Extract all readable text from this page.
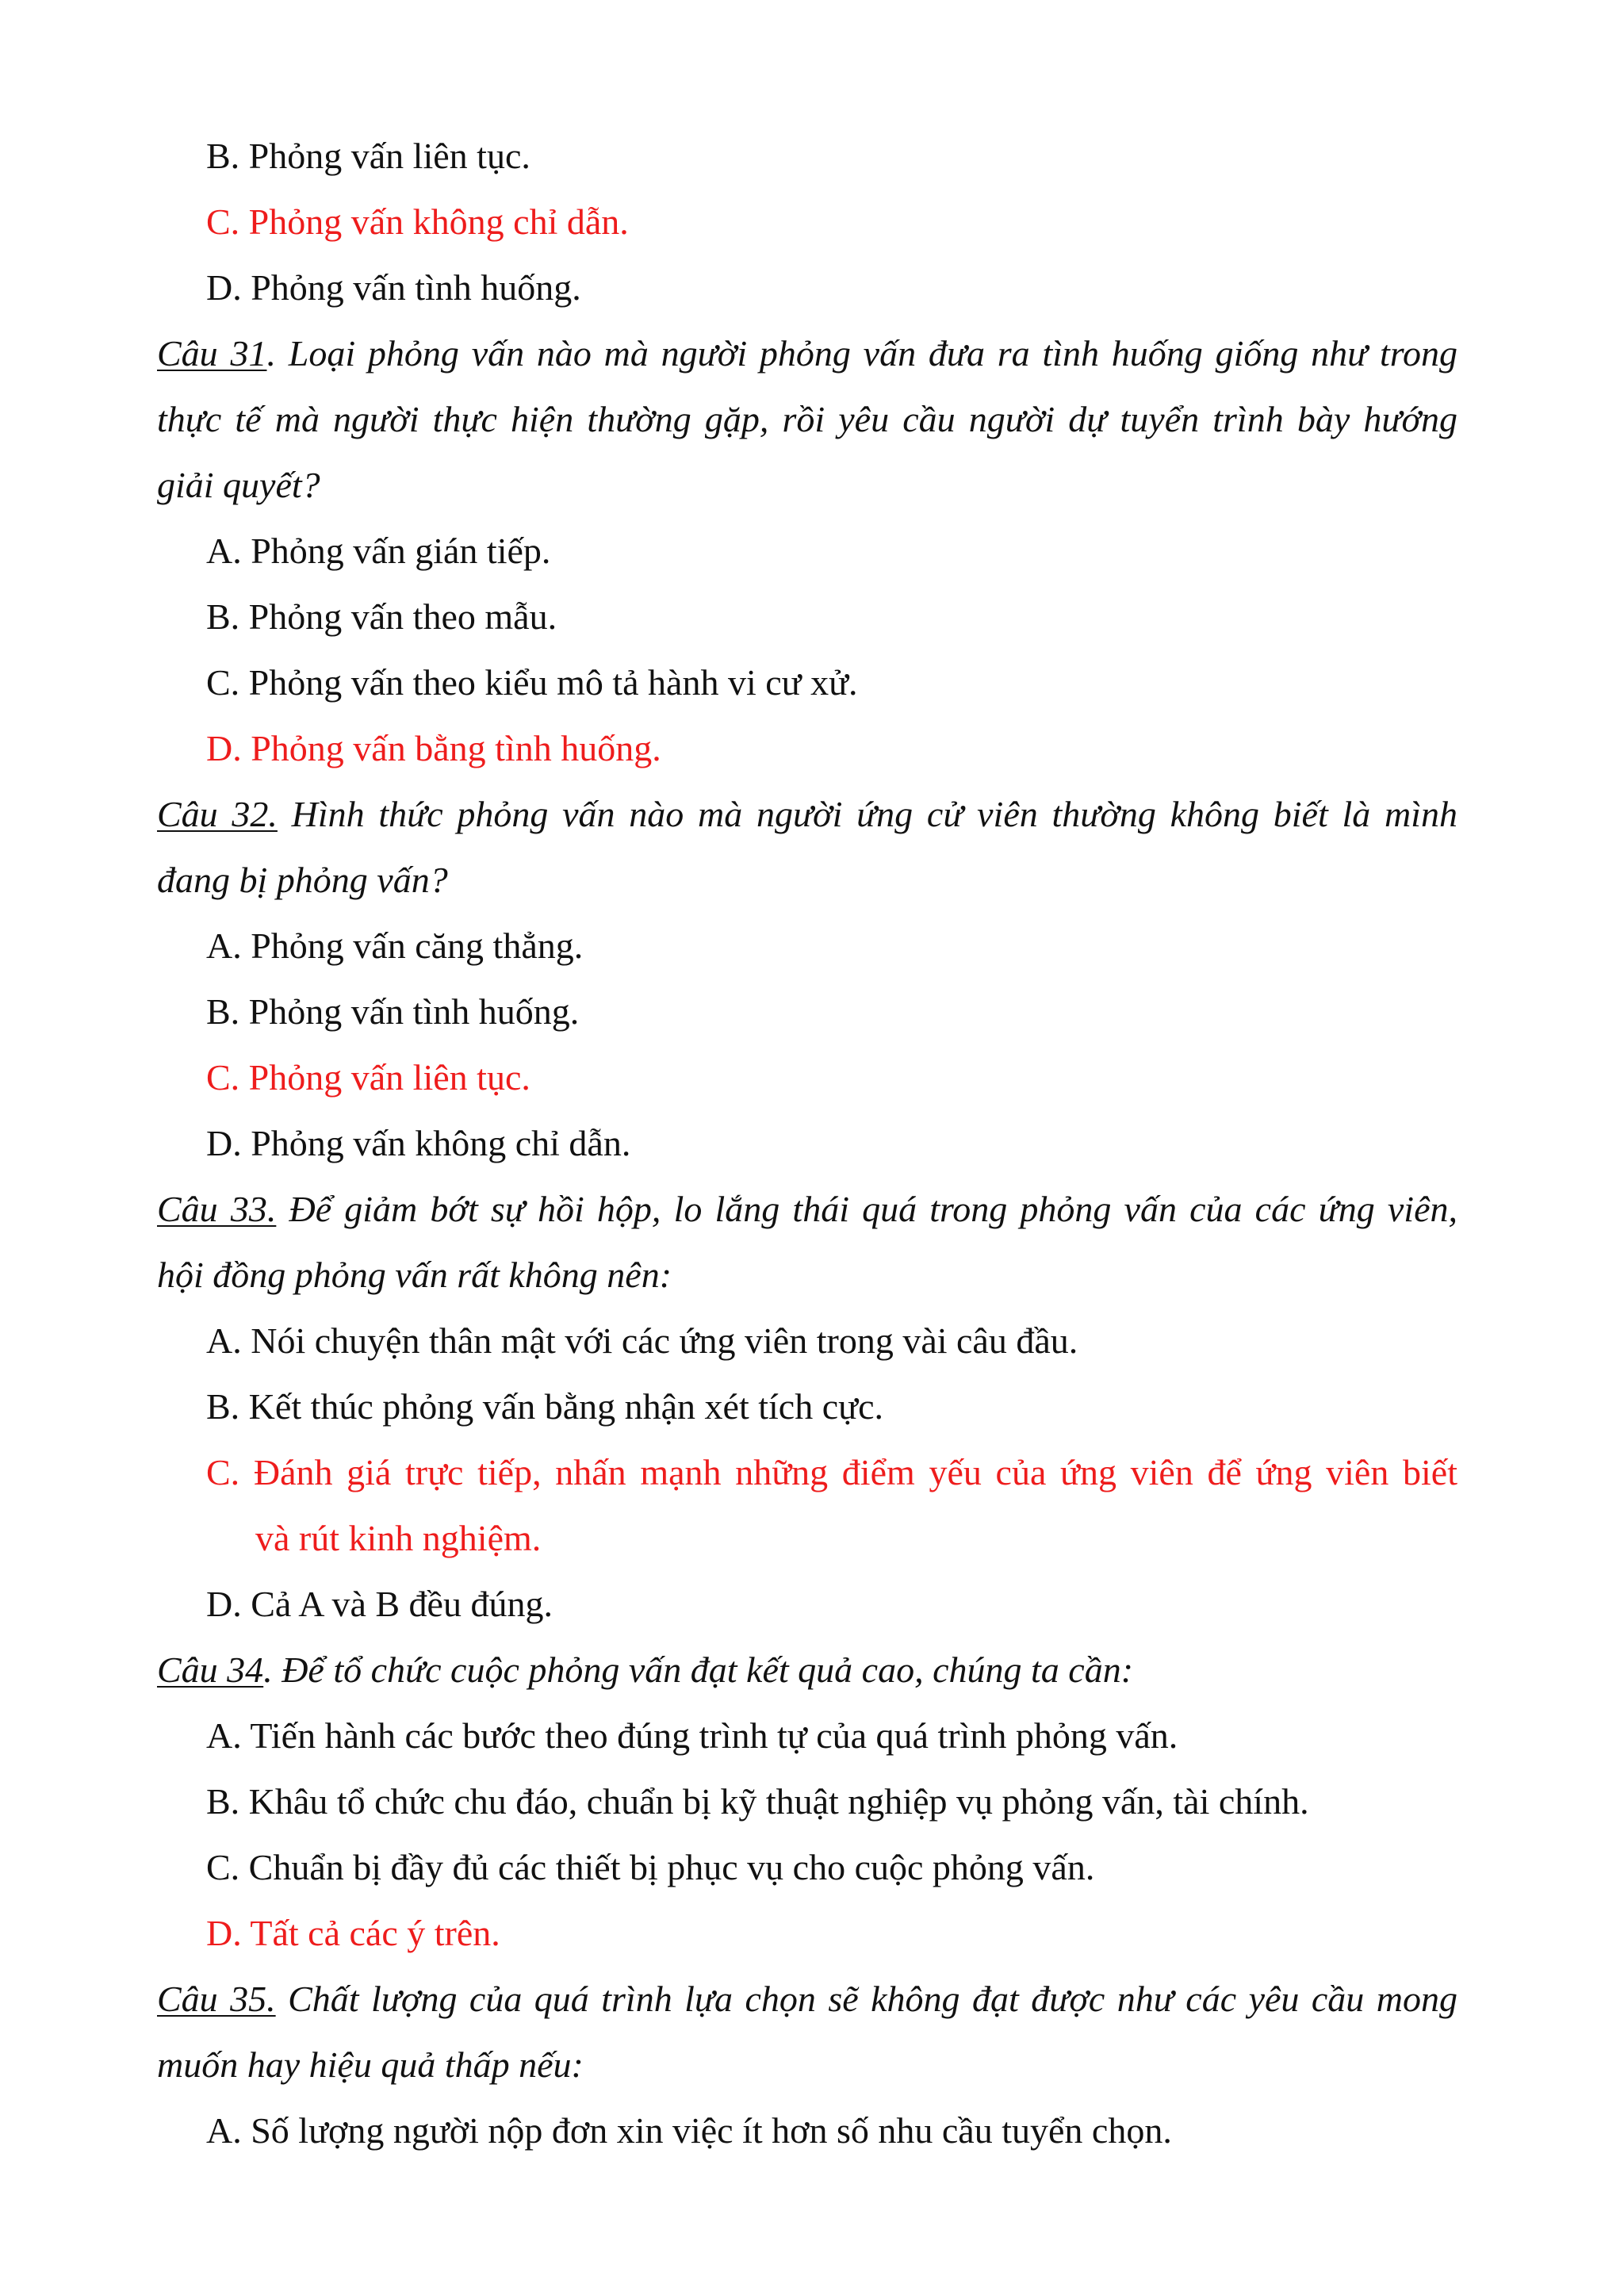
B. Phỏng vấn liên tục.
C. Phỏng vấn không chỉ dẫn.
D. Phỏng vấn tình huống.
Câu 31. Loại phỏng vấn nào mà người phỏng vấn đưa ra tình huống giống như trong
thực tế mà người thực hiện thường gặp, rồi yêu cầu người dự tuyển trình bày hướng
giải quyết?
A. Phỏng vấn gián tiếp.
B. Phỏng vấn theo mẫu.
C. Phỏng vấn theo kiểu mô tả hành vi cư xử.
D. Phỏng vấn bằng tình huống.
Câu 32. Hình thức phỏng vấn nào mà người ứng cử viên thường không biết là mình
đang bị phỏng vấn?
A. Phỏng vấn căng thẳng.
B. Phỏng vấn tình huống.
C. Phỏng vấn liên tục.
D. Phỏng vấn không chỉ dẫn.
Câu 33. Để giảm bớt sự hồi hộp, lo lắng thái quá trong phỏng vấn của các ứng viên,
hội đồng phỏng vấn rất không nên:
A. Nói chuyện thân mật với các ứng viên trong vài câu đầu.
B. Kết thúc phỏng vấn bằng nhận xét tích cực.
C. Đánh giá trực tiếp, nhấn mạnh những điểm yếu của ứng viên để ứng viên biết
và rút kinh nghiệm.
D. Cả A và B đều đúng.
Câu 34. Để tổ chức cuộc phỏng vấn đạt kết quả cao, chúng ta cần:
A. Tiến hành các bước theo đúng trình tự của quá trình phỏng vấn.
B. Khâu tổ chức chu đáo, chuẩn bị kỹ thuật nghiệp vụ phỏng vấn, tài chính.
C. Chuẩn bị đầy đủ các thiết bị phục vụ cho cuộc phỏng vấn.
D. Tất cả các ý trên.
Câu 35. Chất lượng của quá trình lựa chọn sẽ không đạt được như các yêu cầu mong
muốn hay hiệu quả thấp nếu:
A. Số lượng người nộp đơn xin việc ít hơn số nhu cầu tuyển chọn.
